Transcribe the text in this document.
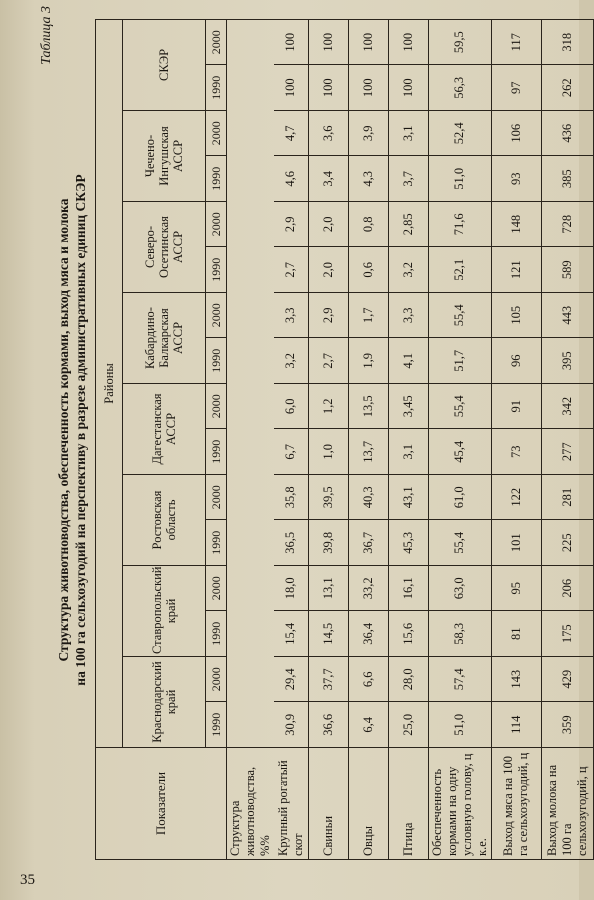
35
Таблица 3
Структура животноводства, обеспеченность кормами, выход мяса и молока на 100 га сельхозугодий на перспективу в разрезе административных единиц СКЭР
Показатели	Районы															
	Краснодарский край		Ставропольский край		Ростовская область		Дагестанская АССР		Кабардино-Балкарская АССР		Северо-Осетинская АССР		Чечено-Ингушская АССР		СКЭР	
	1990	2000	1990	2000	1990	2000	1990	2000	1990	2000	1990	2000	1990	2000	1990	2000
Структура животноводства, %%																
Крупный рогатый скот	30,9	29,4	15,4	18,0	36,5	35,8	6,7	6,0	3,2	3,3	2,7	2,9	4,6	4,7	100	100
Свиньи	36,6	37,7	14,5	13,1	39,8	39,5	1,0	1,2	2,7	2,9	2,0	2,0	3,4	3,6	100	100
Овцы	6,4	6,6	36,4	33,2	36,7	40,3	13,7	13,5	1,9	1,7	0,6	0,8	4,3	3,9	100	100
Птица	25,0	28,0	15,6	16,1	45,3	43,1	3,1	3,45	4,1	3,3	3,2	2,85	3,7	3,1	100	100
Обеспеченность кормами на одну условную голову, ц к.е.	51,0	57,4	58,3	63,0	55,4	61,0	45,4	55,4	51,7	55,4	52,1	71,6	51,0	52,4	56,3	59,5
Выход мяса на 100 га сельхозугодий, ц	114	143	81	95	101	122	73	91	96	105	121	148	93	106	97	117
Выход молока на 100 га сельхозугодий, ц	359	429	175	206	225	281	277	342	395	443	589	728	385	436	262	318
